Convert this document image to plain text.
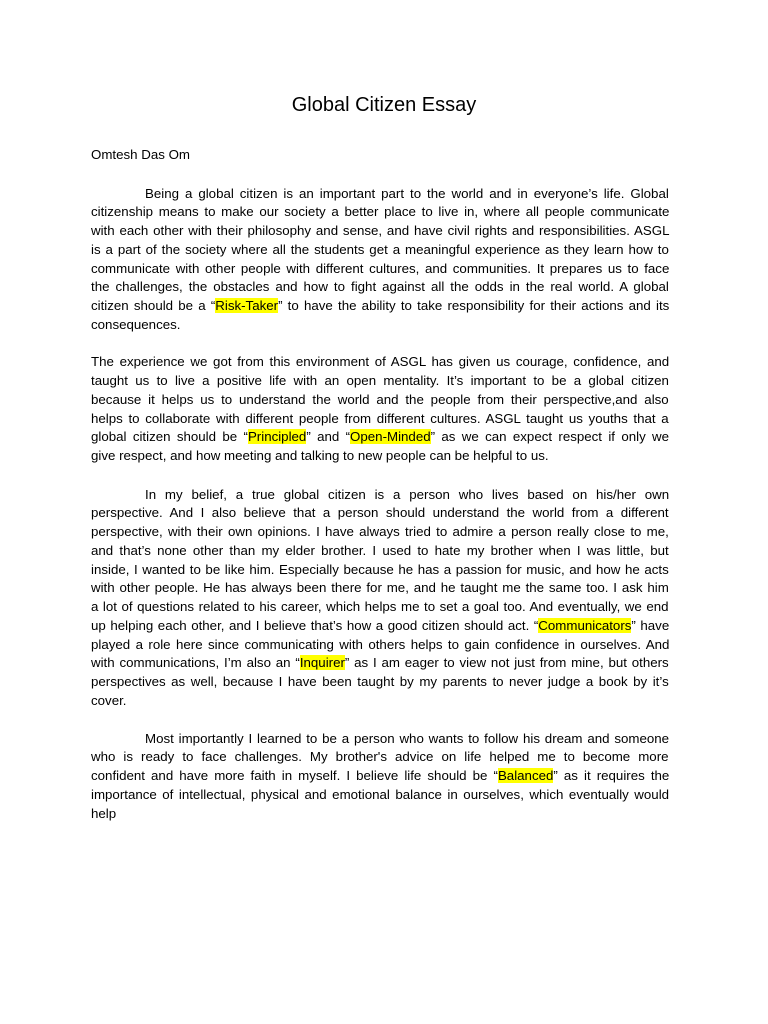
Global Citizen Essay
Omtesh Das Om
Being a global citizen is an important part to the world and in everyone’s life. Global
citizenship means to make our society a better place to live in, where all people communicate
with each other with their philosophy and sense, and have civil rights and responsibilities. ASGL
is a part of the society where all the students get a meaningful experience as they learn how to
communicate with other people with different cultures, and communities. It prepares us to face
the challenges, the obstacles and how to fight against all the odds in the real world. A global
citizen should be a “Risk-Taker” to have the ability to take responsibility for their actions and its
consequences.
The experience we got from this environment of ASGL has given us courage, confidence, and
taught us to live a positive life with an open mentality. It’s important to be a global citizen
because it helps us to understand the world and the people from their perspective,and also
helps to collaborate with different people from different cultures. ASGL taught us youths that a
global citizen should be “Principled” and “Open-Minded” as we can expect respect if only we
give respect, and how meeting and talking to new people can be helpful to us.
In my belief, a true global citizen is a person who lives based on his/her own
perspective. And I also believe that a person should understand the world from a different
perspective, with their own opinions. I have always tried to admire a person really close to me,
and that’s none other than my elder brother. I used to hate my brother when I was little, but
inside, I wanted to be like him. Especially because he has a passion for music, and how he acts
with other people. He has always been there for me, and he taught me the same too. I ask him
a lot of questions related to his career, which helps me to set a goal too. And eventually, we end
up helping each other, and I believe that’s how a good citizen should act. “Communicators” have
played a role here since communicating with others helps to gain confidence in ourselves. And
with communications, I’m also an “Inquirer” as I am eager to view not just from mine, but others
perspectives as well, because I have been taught by my parents to never judge a book by it’s
cover.
Most importantly I learned to be a person who wants to follow his dream and someone
who is ready to face challenges. My brother's advice on life helped me to become more
confident and have more faith in myself. I believe life should be “Balanced” as it requires the
importance of intellectual, physical and emotional balance in ourselves, which eventually would
help
